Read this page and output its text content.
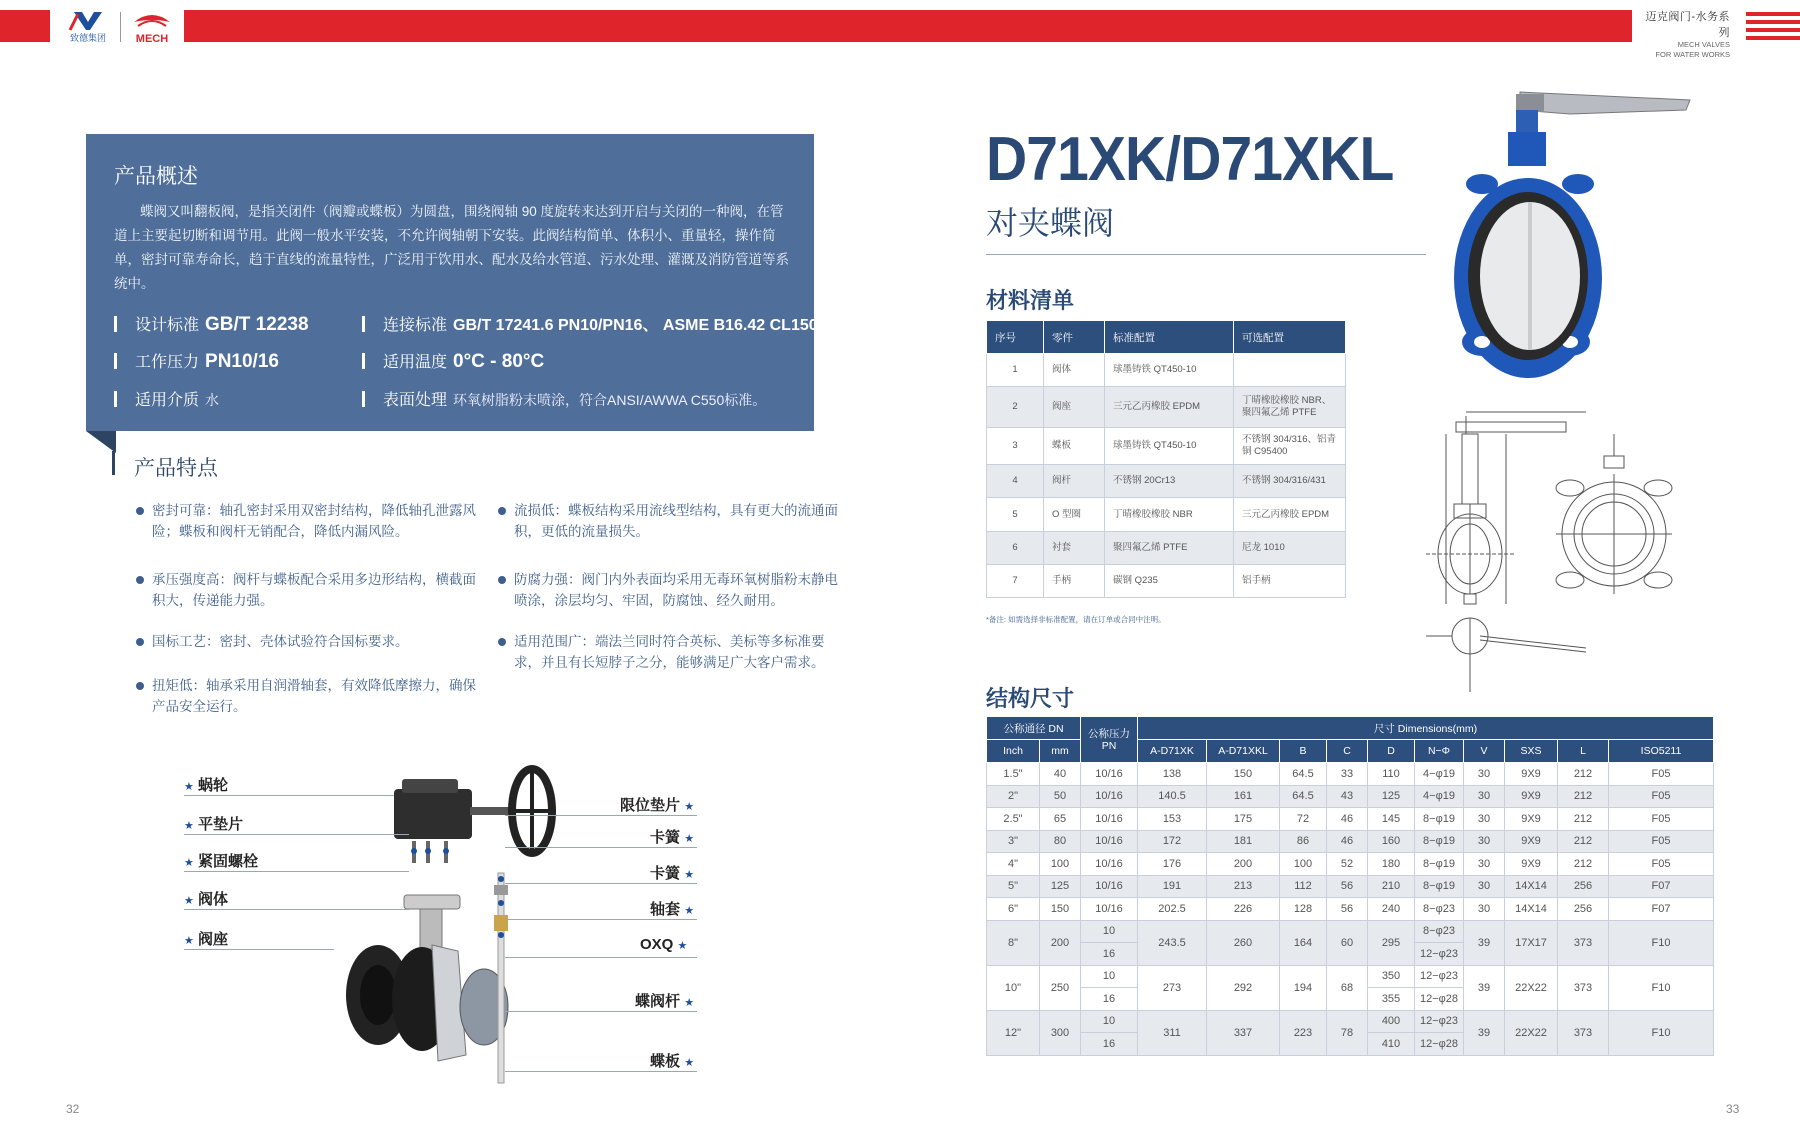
致德集团	MECH
迈克阀门-水务系列
MECH VALVES
FOR WATER WORKS
产品概述
蝶阀又叫翻板阀，是指关闭件（阀瓣或蝶板）为圆盘，围绕阀轴 90 度旋转来达到开启与关闭的一种阀，在管道上主要起切断和调节用。此阀一般水平安装，不允许阀轴朝下安装。此阀结构简单、体积小、重量轻，操作简单，密封可靠寿命长，趋于直线的流量特性，广泛用于饮用水、配水及给水管道、污水处理、灌溉及消防管道等系统中。
设计标准 GB/T 12238	连接标准 GB/T 17241.6 PN10/PN16、 ASME B16.42 CL150
工作压力 PN10/16	适用温度 0°C - 80°C
适用介质 水	表面处理 环氧树脂粉末喷涂，符合ANSI/AWWA C550标准。
产品特点
密封可靠：轴孔密封采用双密封结构，降低轴孔泄露风险；蝶板和阀杆无销配合，降低内漏风险。
承压强度高：阀杆与蝶板配合采用多边形结构，横截面积大，传递能力强。
国标工艺：密封、壳体试验符合国标要求。
扭矩低：轴承采用自润滑轴套，有效降低摩擦力，确保产品安全运行。
流损低：蝶板结构采用流线型结构，具有更大的流通面积，更低的流量损失。
防腐力强：阀门内外表面均采用无毒环氧树脂粉末静电喷涂，涂层均匀、牢固，防腐蚀、经久耐用。
适用范围广：端法兰同时符合英标、美标等多标准要求，并且有长短脖子之分，能够满足广大客户需求。
★ 蜗轮
★ 平垫片
★ 紧固螺栓
★ 阀体
★ 阀座
限位垫片 ★
卡簧 ★
卡簧 ★
轴套 ★
OXQ ★
蝶阀杆 ★
蝶板 ★
32
D71XK/D71XKL
对夹蝶阀
材料清单
序号	零件	标准配置	可选配置
1	阀体	球墨铸铁 QT450-10	
2	阀座	三元乙丙橡胶 EPDM	丁晴橡胶橡胶 NBR、聚四氟乙烯 PTFE
3	蝶板	球墨铸铁 QT450-10	不锈钢 304/316、铝青铜 C95400
4	阀杆	不锈钢 20Cr13	不锈钢 304/316/431
5	O 型圈	丁晴橡胶橡胶 NBR	三元乙丙橡胶 EPDM
6	衬套	聚四氟乙烯 PTFE	尼龙 1010
7	手柄	碳钢 Q235	铝手柄
*备注: 如需选择非标准配置，请在订单或合同中注明。
结构尺寸
公称通径 DN		公称压力 PN	尺寸 Dimensions(mm)									
Inch	mm		A-D71XK	A-D71XKL	B	C	D	N−Φ	V	SXS	L	ISO5211
1.5"	40	10/16	138	150	64.5	33	110	4−φ19	30	9X9	212	F05
2"	50	10/16	140.5	161	64.5	43	125	4−φ19	30	9X9	212	F05
2.5"	65	10/16	153	175	72	46	145	8−φ19	30	9X9	212	F05
3"	80	10/16	172	181	86	46	160	8−φ19	30	9X9	212	F05
4"	100	10/16	176	200	100	52	180	8−φ19	30	9X9	212	F05
5"	125	10/16	191	213	112	56	210	8−φ19	30	14X14	256	F07
6"	150	10/16	202.5	226	128	56	240	8−φ23	30	14X14	256	F07
8"	200	10	243.5	260	164	60	295	8−φ23	39	17X17	373	F10
		16						12−φ23				
10"	250	10	273	292	194	68	350	12−φ23	39	22X22	373	F10
		16					355	12−φ28				
12"	300	10	311	337	223	78	400	12−φ23	39	22X22	373	F10
		16					410	12−φ28				
33
